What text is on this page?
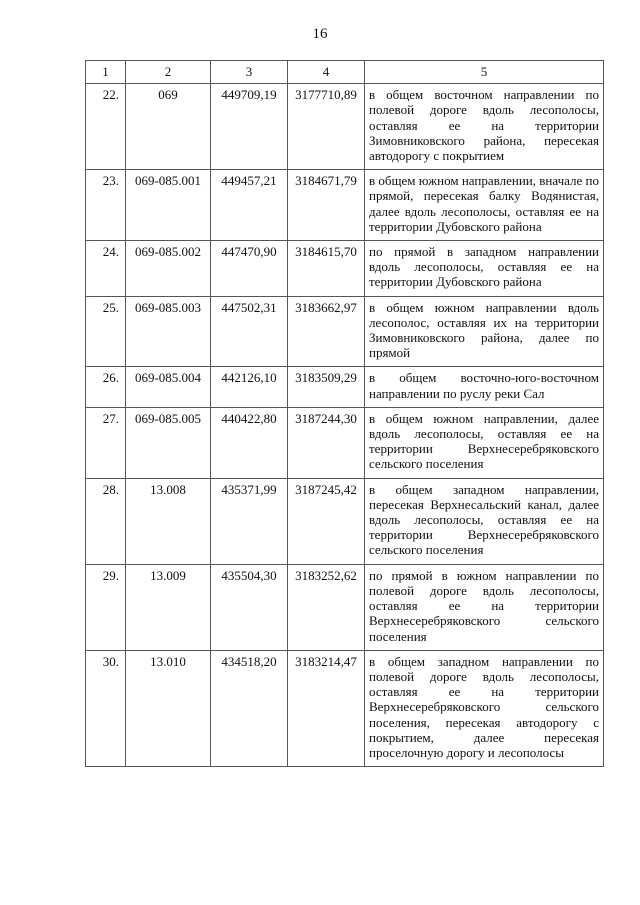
16
1	2	3	4	5
22.	069	449709,19	3177710,89	в общем восточном направлении по полевой дороге вдоль лесополосы, оставляя ее на территории Зимовниковского района, пересекая автодорогу с покрытием
23.	069-085.001	449457,21	3184671,79	в общем южном направлении, вначале по прямой, пересекая балку Водянистая, далее вдоль лесополосы, оставляя ее на территории Дубовского района
24.	069-085.002	447470,90	3184615,70	по прямой в западном направлении вдоль лесополосы, оставляя ее на территории Дубовского района
25.	069-085.003	447502,31	3183662,97	в общем южном направлении вдоль лесополос, оставляя их на территории Зимовниковского района, далее по прямой
26.	069-085.004	442126,10	3183509,29	в общем восточно-юго-восточном направлении по руслу реки Сал
27.	069-085.005	440422,80	3187244,30	в общем южном направлении, далее вдоль лесополосы, оставляя ее на территории Верхнесеребряковского сельского поселения
28.	13.008	435371,99	3187245,42	в общем западном направлении, пересекая Верхнесальский канал, далее вдоль лесополосы, оставляя ее на территории Верхнесеребряковского сельского поселения
29.	13.009	435504,30	3183252,62	по прямой в южном направлении по полевой дороге вдоль лесополосы, оставляя ее на территории Верхнесеребряковского сельского поселения
30.	13.010	434518,20	3183214,47	в общем западном направлении по полевой дороге вдоль лесополосы, оставляя ее на территории Верхнесеребряковского сельского поселения, пересекая автодорогу с покрытием, далее пересекая проселочную дорогу и лесополосы
